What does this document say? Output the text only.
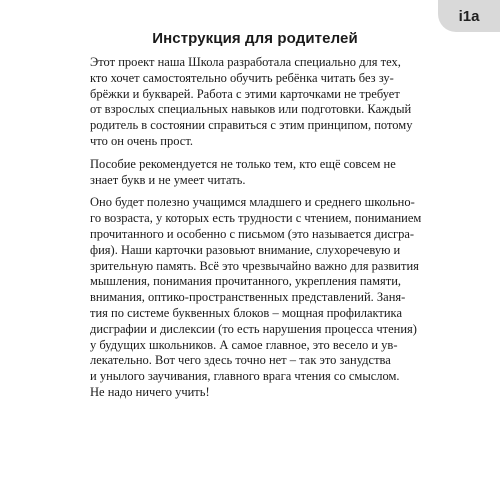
i1a
Инструкция для родителей

Этот проект наша Школа разработала специально для тех,
кто хочет самостоятельно обучить ребёнка читать без зу-
брёжки и букварей. Работа с этими карточками не требует
от взрослых специальных навыков или подготовки. Каждый
родитель в состоянии справиться с этим принципом, потому
что он очень прост.

Пособие рекомендуется не только тем, кто ещё совсем не
знает букв и не умеет читать.

Оно будет полезно учащимся младшего и среднего школьно-
го возраста, у которых есть трудности с чтением, пониманием
прочитанного и особенно с письмом (это называется дисгра-
фия). Наши карточки разовьют внимание, слухоречевую и
зрительную память. Всё это чрезвычайно важно для развития
мышления, понимания прочитанного, укрепления памяти,
внимания, оптико-пространственных представлений. Заня-
тия по системе буквенных блоков – мощная профилактика
дисграфии и дислексии (то есть нарушения процесса чтения)
у будущих школьников. А самое главное, это весело и ув-
лекательно. Вот чего здесь точно нет – так это занудства
и унылого заучивания, главного врага чтения со смыслом.
Не надо ничего учить!
